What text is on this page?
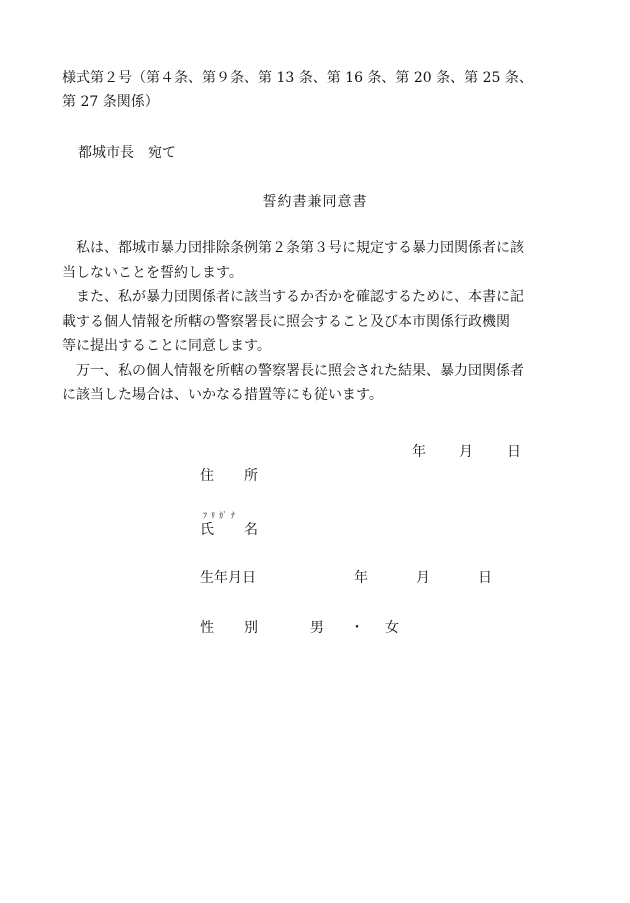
様式第２号（第４条、第９条、第 13 条、第 16 条、第 20 条、第 25 条、
第 27 条関係）
都城市長 宛て
誓約書兼同意書

私は、都城市暴力団排除条例第２条第３号に規定する暴力団関係者に該
当しないことを誓約します。

また、私が暴力団関係者に該当するか否かを確認するために、本書に記
載する個人情報を所轄の警察署長に照会すること及び本市関係行政機関
等に提出することに同意します。

万一、私の個人情報を所轄の警察署長に照会された結果、暴力団関係者
に該当した場合は、いかなる措置等にも従います。

年 月 日
住 所
ﾌﾘｶﾞﾅ
氏 名
生年月日	年	月	日
性 別	男 ・ 女
